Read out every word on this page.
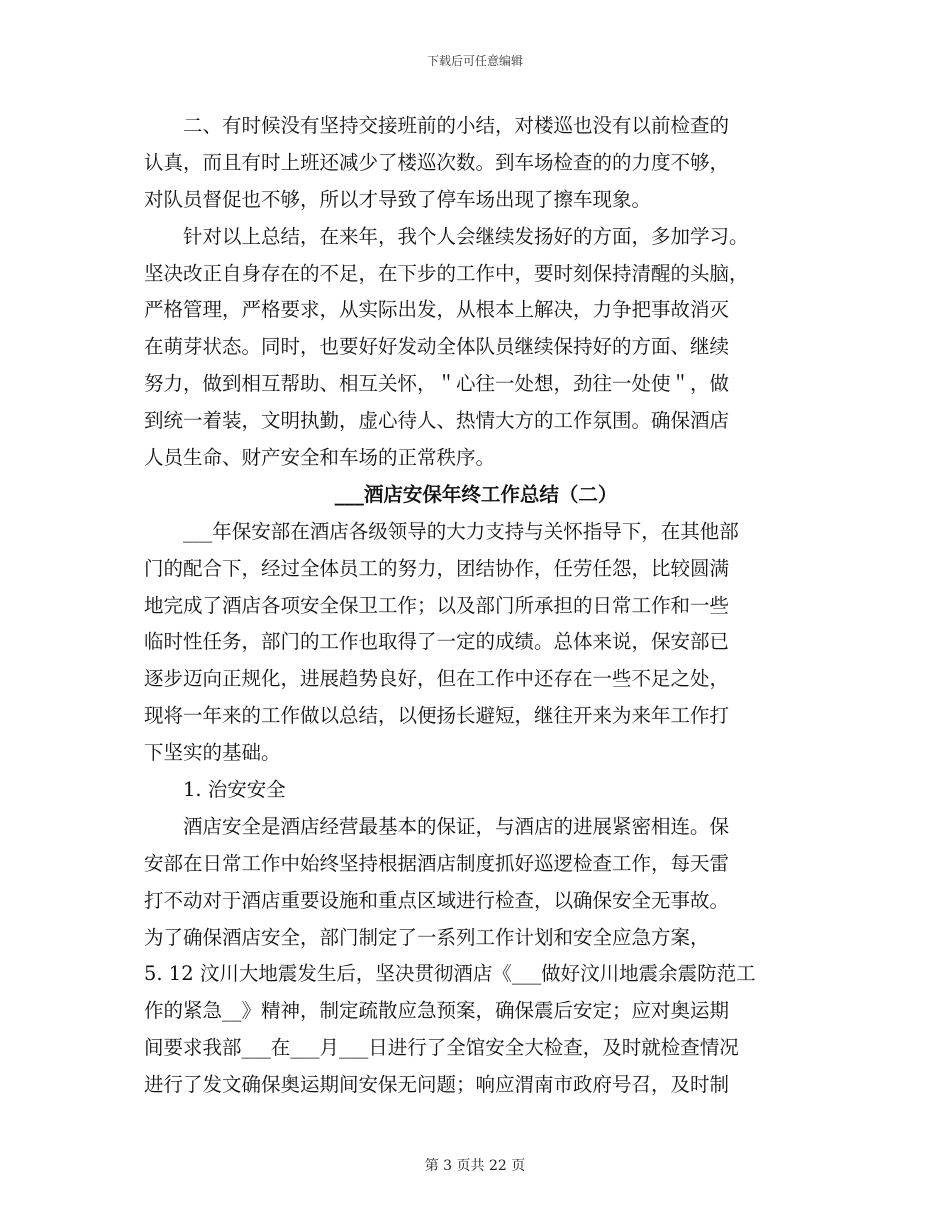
下载后可任意编辑
　　二、有时候没有坚持交接班前的小结，对楼巡也没有以前检查的
认真，而且有时上班还减少了楼巡次数。到车场检查的的力度不够，
对队员督促也不够，所以才导致了停车场出现了擦车现象。
　　针对以上总结，在来年，我个人会继续发扬好的方面，多加学习。
坚决改正自身存在的不足，在下步的工作中，要时刻保持清醒的头脑，
严格管理，严格要求，从实际出发，从根本上解决，力争把事故消灭
在萌芽状态。同时，也要好好发动全体队员继续保持好的方面、继续
努力，做到相互帮助、相互关怀，＂心往一处想，劲往一处使＂，做
到统一着装，文明执勤，虚心待人、热情大方的工作氛围。确保酒店
人员生命、财产安全和车场的正常秩序。
___酒店安保年终工作总结（二）
　　___年保安部在酒店各级领导的大力支持与关怀指导下，在其他部
门的配合下，经过全体员工的努力，团结协作，任劳任怨，比较圆满
地完成了酒店各项安全保卫工作；以及部门所承担的日常工作和一些
临时性任务，部门的工作也取得了一定的成绩。总体来说，保安部已
逐步迈向正规化，进展趋势良好，但在工作中还存在一些不足之处，
现将一年来的工作做以总结，以便扬长避短，继往开来为来年工作打
下坚实的基础。
　　1. 治安安全
　　酒店安全是酒店经营最基本的保证，与酒店的进展紧密相连。保
安部在日常工作中始终坚持根据酒店制度抓好巡逻检查工作，每天雷
打不动对于酒店重要设施和重点区域进行检查，以确保安全无事故。
为了确保酒店安全，部门制定了一系列工作计划和安全应急方案，
5. 12 汶川大地震发生后，坚决贯彻酒店《___做好汶川地震余震防范工
作的紧急__》精神，制定疏散应急预案，确保震后安定；应对奥运期
间要求我部___在___月___日进行了全馆安全大检查，及时就检查情况
进行了发文确保奥运期间安保无问题；响应渭南市政府号召，及时制
第 3 页共 22 页
